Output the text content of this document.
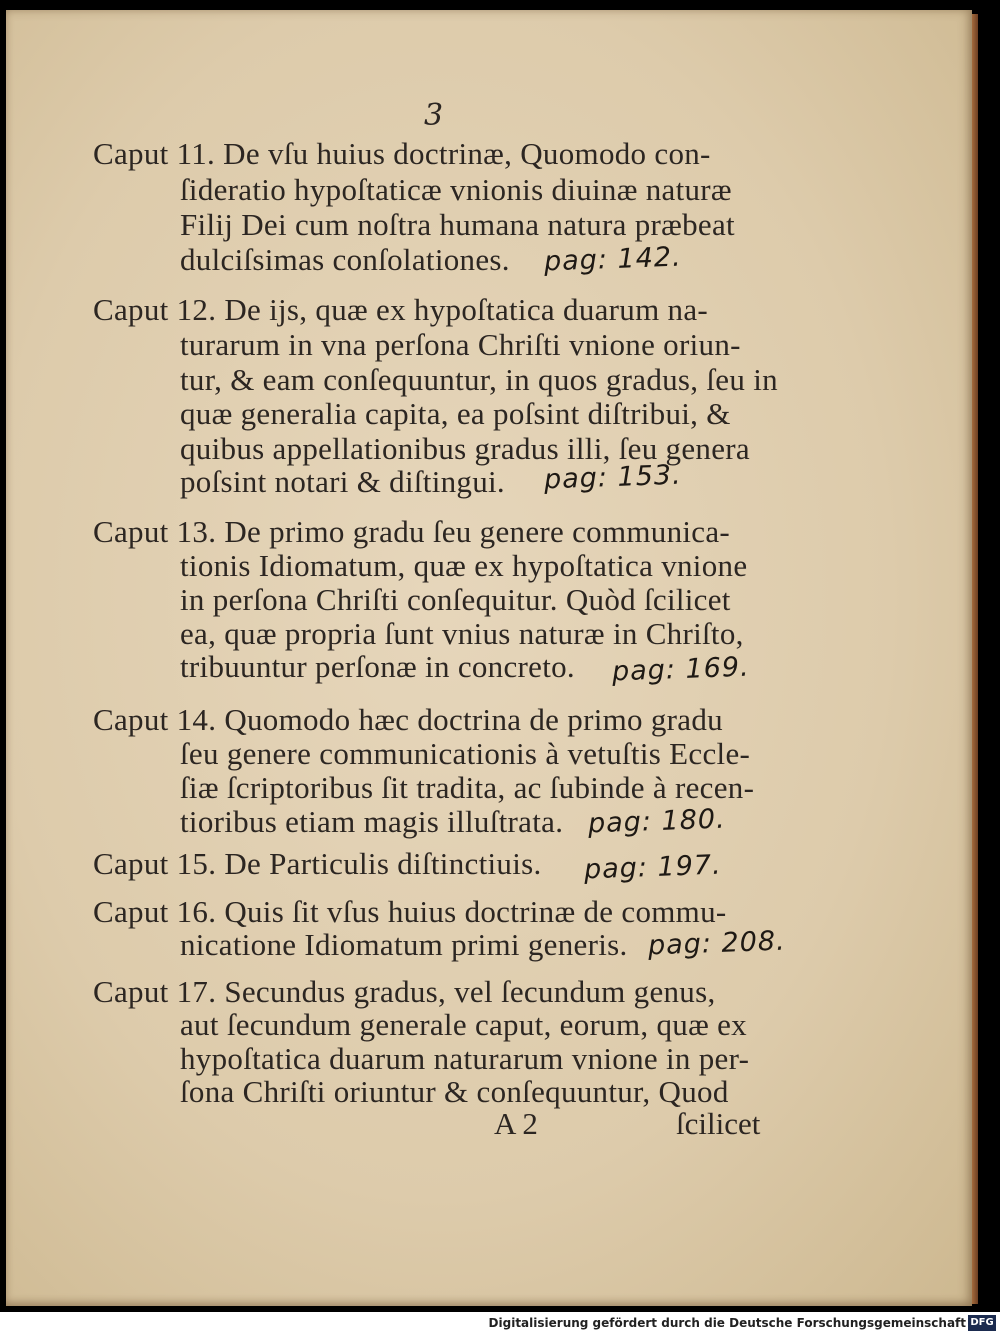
3
Caput 11. De vſu huius doctrinæ, Quomodo con-
ſideratio hypoſtaticæ vnionis diuinæ naturæ
Filij Dei cum noſtra humana natura præbeat
dulciſsimas conſolationes. pag: 142.
Caput 12. De ijs, quæ ex hypoſtatica duarum na-
turarum in vna perſona Chriſti vnione oriun-
tur, & eam conſequuntur, in quos gradus, ſeu in
quæ generalia capita, ea poſsint diſtribui, &
quibus appellationibus gradus illi, ſeu genera
poſsint notari & diſtingui. pag: 153.
Caput 13. De primo gradu ſeu genere communica-
tionis Idiomatum, quæ ex hypoſtatica vnione
in perſona Chriſti conſequitur. Quòd ſcilicet
ea, quæ propria ſunt vnius naturæ in Chriſto,
tribuuntur perſonæ in concreto. pag: 169.
Caput 14. Quomodo hæc doctrina de primo gradu
ſeu genere communicationis à vetuſtis Eccle-
ſiæ ſcriptoribus ſit tradita, ac ſubinde à recen-
tioribus etiam magis illuſtrata. pag: 180.
Caput 15. De Particulis diſtinctiuis. pag: 197.
Caput 16. Quis ſit vſus huius doctrinæ de commu-
nicatione Idiomatum primi generis. pag: 208.
Caput 17. Secundus gradus, vel ſecundum genus,
aut ſecundum generale caput, eorum, quæ ex
hypoſtatica duarum naturarum vnione in per-
ſona Chriſti oriuntur & conſequuntur, Quod
A 2	ſcilicet
Digitalisierung gefördert durch die Deutsche Forschungsgemeinschaft DFG
